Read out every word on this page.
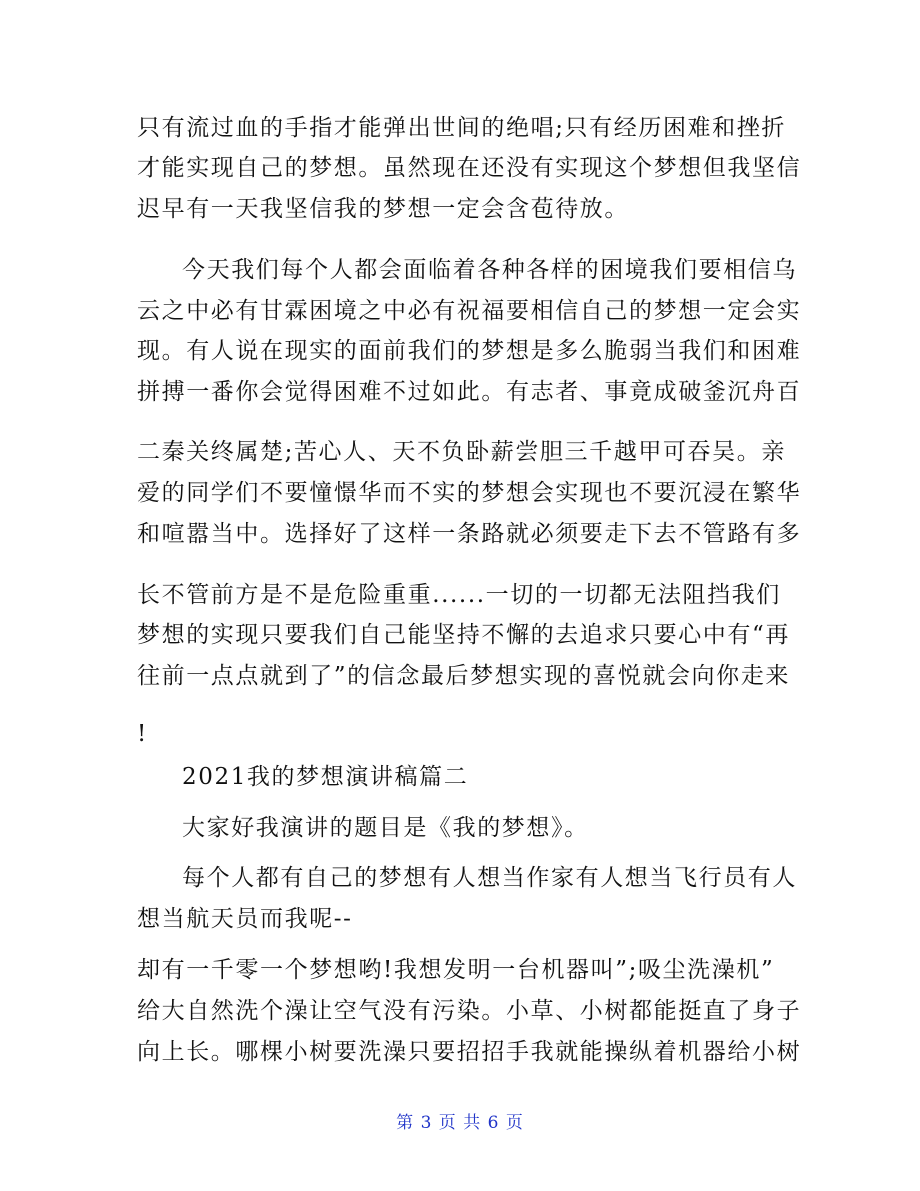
只有流过血的手指才能弹出世间的绝唱;只有经历困难和挫折
才能实现自己的梦想。虽然现在还没有实现这个梦想但我坚信
迟早有一天我坚信我的梦想一定会含苞待放。
今天我们每个人都会面临着各种各样的困境我们要相信乌
云之中必有甘霖困境之中必有祝福要相信自己的梦想一定会实
现。有人说在现实的面前我们的梦想是多么脆弱当我们和困难
拼搏一番你会觉得困难不过如此。有志者、事竟成破釜沉舟百
二秦关终属楚;苦心人、天不负卧薪尝胆三千越甲可吞吴。亲
爱的同学们不要憧憬华而不实的梦想会实现也不要沉浸在繁华
和喧嚣当中。选择好了这样一条路就必须要走下去不管路有多
长不管前方是不是危险重重......一切的一切都无法阻挡我们
梦想的实现只要我们自己能坚持不懈的去追求只要心中有“再
往前一点点就到了”的信念最后梦想实现的喜悦就会向你走来
!
2021我的梦想演讲稿篇二
大家好我演讲的题目是《我的梦想》。
每个人都有自己的梦想有人想当作家有人想当飞行员有人
想当航天员而我呢--
却有一千零一个梦想哟!我想发明一台机器叫”;吸尘洗澡机”
给大自然洗个澡让空气没有污染。小草、小树都能挺直了身子
向上长。哪棵小树要洗澡只要招招手我就能操纵着机器给小树
第 3 页 共 6 页
